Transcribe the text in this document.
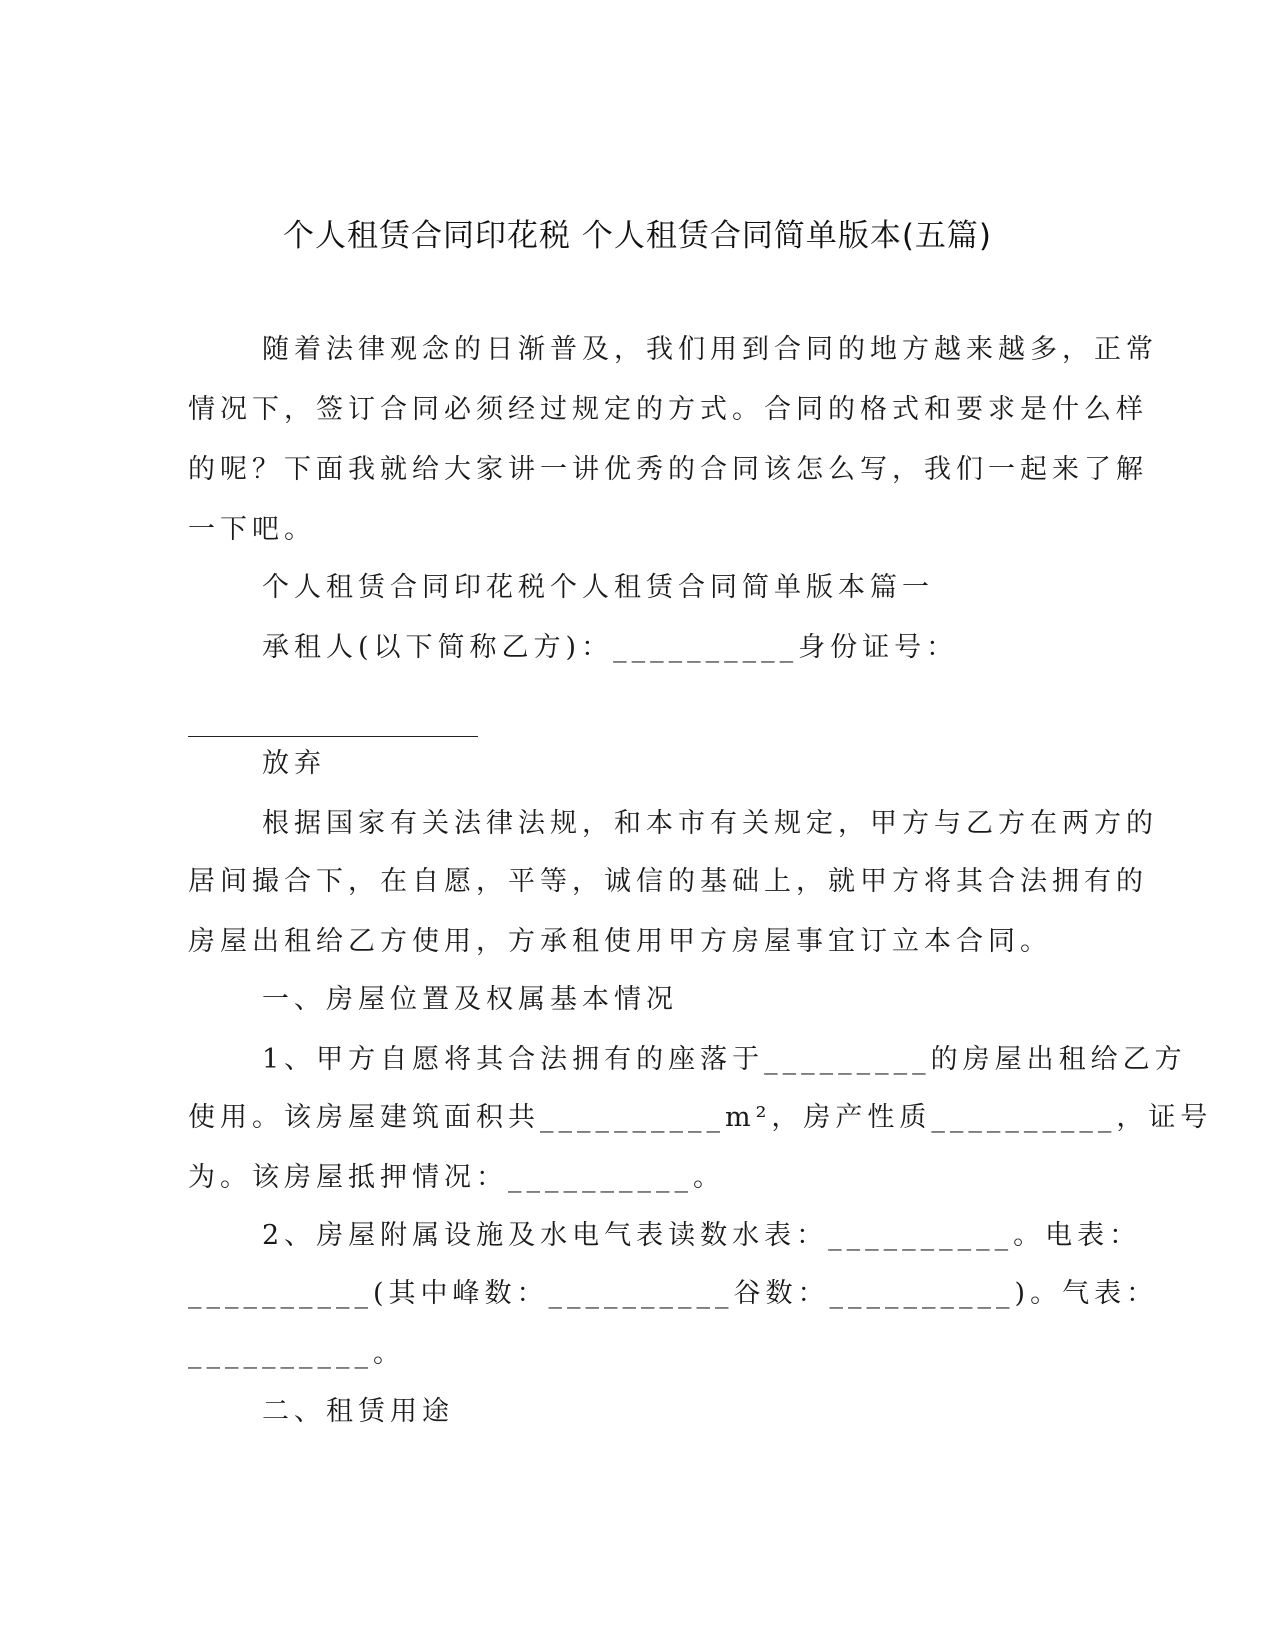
个人租赁合同印花税 个人租赁合同简单版本(五篇)
随着法律观念的日渐普及，我们用到合同的地方越来越多，正常
情况下，签订合同必须经过规定的方式。合同的格式和要求是什么样
的呢？下面我就给大家讲一讲优秀的合同该怎么写，我们一起来了解
一下吧。
个人租赁合同印花税个人租赁合同简单版本篇一
承租人(以下简称乙方)：__________身份证号：
放弃
根据国家有关法律法规，和本市有关规定，甲方与乙方在两方的
居间撮合下，在自愿，平等，诚信的基础上，就甲方将其合法拥有的
房屋出租给乙方使用，方承租使用甲方房屋事宜订立本合同。
一、房屋位置及权属基本情况
1、甲方自愿将其合法拥有的座落于_________的房屋出租给乙方
使用。该房屋建筑面积共__________m²，房产性质__________，证号
为。该房屋抵押情况：__________。
2、房屋附属设施及水电气表读数水表：__________。电表：
__________(其中峰数：__________谷数：__________)。气表：
__________。
二、租赁用途
